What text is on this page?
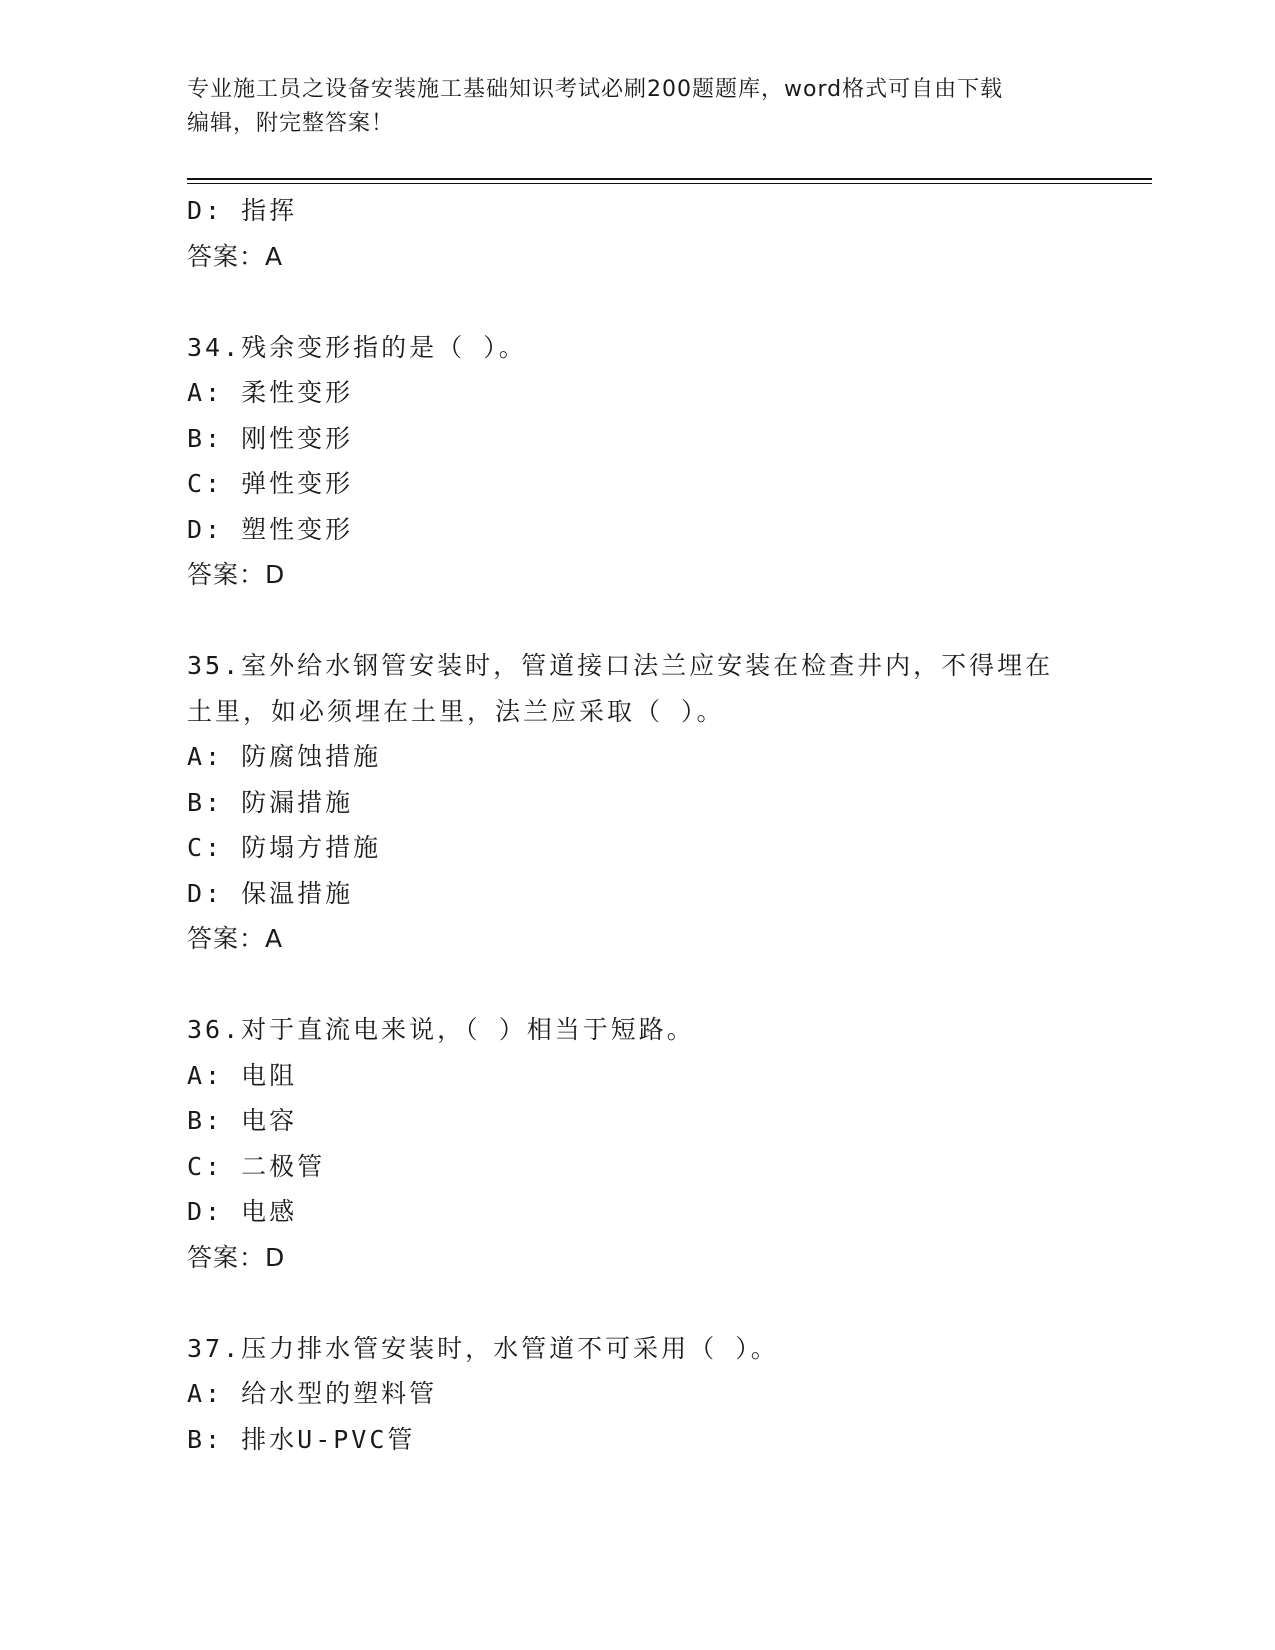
专业施工员之设备安装施工基础知识考试必刷200题题库，word格式可自由下载
编辑，附完整答案！
D: 指挥
答案：A
34.残余变形指的是（ ）。
A: 柔性变形
B: 刚性变形
C: 弹性变形
D: 塑性变形
答案：D
35.室外给水钢管安装时，管道接口法兰应安装在检查井内，不得埋在
土里，如必须埋在土里，法兰应采取（ ）。
A: 防腐蚀措施
B: 防漏措施
C: 防塌方措施
D: 保温措施
答案：A
36.对于直流电来说，（ ）相当于短路。
A: 电阻
B: 电容
C: 二极管
D: 电感
答案：D
37.压力排水管安装时，水管道不可采用（ ）。
A: 给水型的塑料管
B: 排水U-PVC管
